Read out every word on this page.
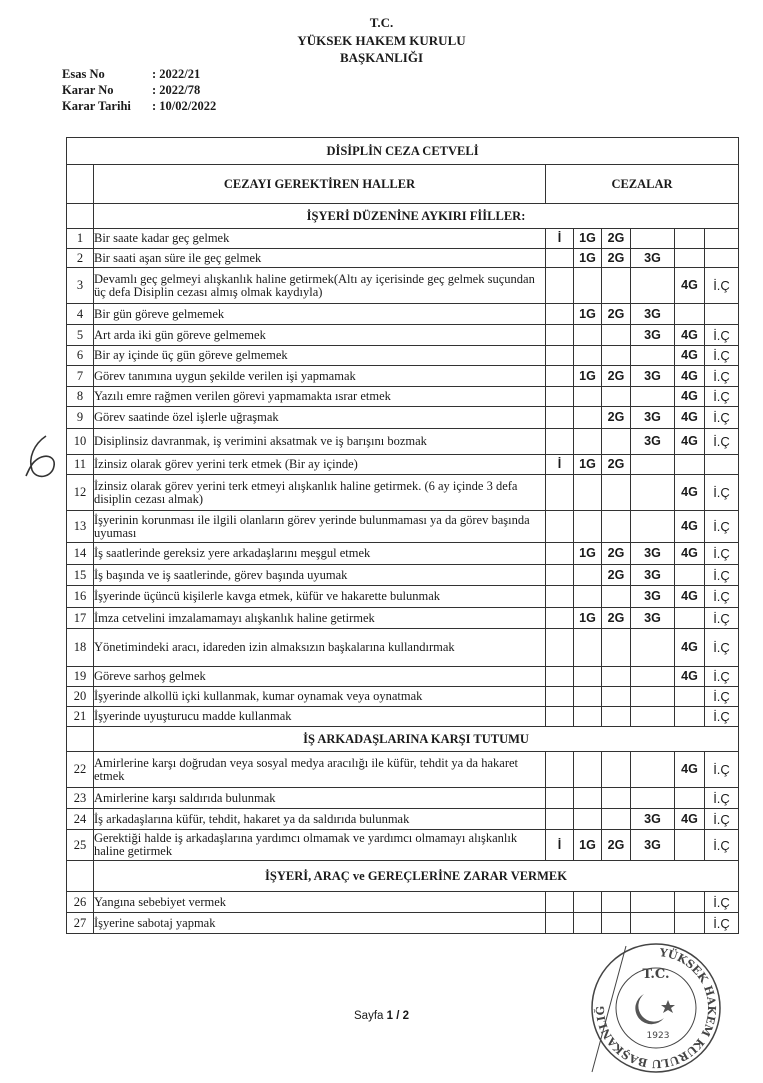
T.C.
YÜKSEK HAKEM KURULU
BAŞKANLIĞI
Esas No	: 2022/21
Karar No	: 2022/78
Karar Tarihi	: 10/02/2022
DİSİPLİN CEZA CETVELİ							
	CEZAYI GEREKTİREN HALLER	CEZALAR					
	İŞYERİ DÜZENİNE AYKIRI FİİLLER:						
1	Bir saate kadar geç gelmek	İ	1G	2G			
2	Bir saati aşan süre ile geç gelmek		1G	2G	3G		
3	Devamlı geç gelmeyi alışkanlık haline getirmek(Altı ay içerisinde geç gelmek suçundan üç defa Disiplin cezası almış olmak kaydıyla)					4G	İ.Ç
4	Bir gün göreve gelmemek		1G	2G	3G		
5	Art arda iki gün göreve gelmemek				3G	4G	İ.Ç
6	Bir ay içinde üç gün göreve gelmemek					4G	İ.Ç
7	Görev tanımına uygun şekilde verilen işi yapmamak		1G	2G	3G	4G	İ.Ç
8	Yazılı emre rağmen verilen görevi yapmamakta ısrar etmek					4G	İ.Ç
9	Görev saatinde özel işlerle uğraşmak			2G	3G	4G	İ.Ç
10	Disiplinsiz davranmak, iş verimini aksatmak ve iş barışını bozmak				3G	4G	İ.Ç
11	İzinsiz olarak görev yerini terk etmek (Bir ay içinde)	İ	1G	2G			
12	İzinsiz olarak görev yerini terk etmeyi alışkanlık haline getirmek. (6 ay içinde 3 defa disiplin cezası almak)					4G	İ.Ç
13	İşyerinin korunması ile ilgili olanların görev yerinde bulunmaması ya da görev başında uyuması					4G	İ.Ç
14	İş saatlerinde gereksiz yere arkadaşlarını meşgul etmek		1G	2G	3G	4G	İ.Ç
15	İş başında ve iş saatlerinde, görev başında uyumak			2G	3G		İ.Ç
16	İşyerinde üçüncü kişilerle kavga etmek, küfür ve hakarette bulunmak				3G	4G	İ.Ç
17	İmza cetvelini imzalamamayı alışkanlık haline getirmek		1G	2G	3G		İ.Ç
18	Yönetimindeki aracı, idareden izin almaksızın başkalarına kullandırmak					4G	İ.Ç
19	Göreve sarhoş gelmek					4G	İ.Ç
20	İşyerinde alkollü içki kullanmak, kumar oynamak veya oynatmak						İ.Ç
21	İşyerinde uyuşturucu madde kullanmak						İ.Ç
	İŞ ARKADAŞLARINA KARŞI TUTUMU						
22	Amirlerine karşı doğrudan veya sosyal medya aracılığı ile küfür, tehdit ya da hakaret etmek					4G	İ.Ç
23	Amirlerine karşı saldırıda bulunmak						İ.Ç
24	İş arkadaşlarına küfür, tehdit, hakaret ya da saldırıda bulunmak				3G	4G	İ.Ç
25	Gerektiği halde iş arkadaşlarına yardımcı olmamak ve yardımcı olmamayı alışkanlık haline getirmek	İ	1G	2G	3G		İ.Ç
	İŞYERİ, ARAÇ ve GEREÇLERİNE ZARAR VERMEK						
26	Yangına sebebiyet vermek						İ.Ç
27	İşyerine sabotaj yapmak						İ.Ç
YÜKSEK HAKEM KURULU BAŞKANLIĞ
T.C.
1923
Sayfa 1 / 2
